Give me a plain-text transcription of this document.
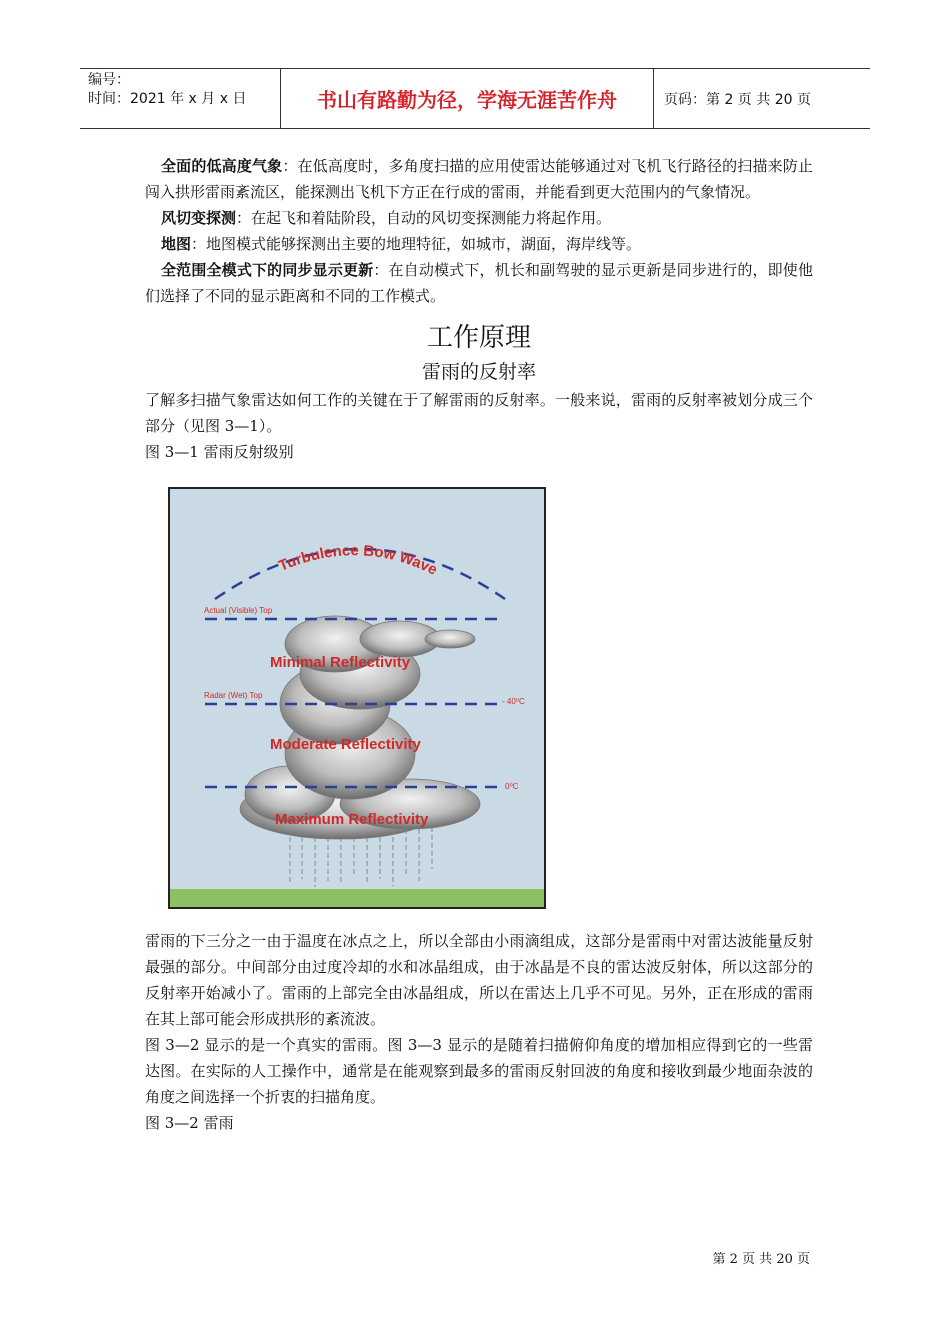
编号：
时间：2021 年 x 月 x 日	书山有路勤为径，学海无涯苦作舟	页码：第 2 页 共 20 页

全面的低高度气象：在低高度时，多角度扫描的应用使雷达能够通过对飞机飞行路径的扫描来防止闯入拱形雷雨紊流区，能探测出飞机下方正在行成的雷雨，并能看到更大范围内的气象情况。

风切变探测：在起飞和着陆阶段，自动的风切变探测能力将起作用。

地图：地图模式能够探测出主要的地理特征，如城市，湖面，海岸线等。

全范围全模式下的同步显示更新：在自动模式下，机长和副驾驶的显示更新是同步进行的，即使他们选择了不同的显示距离和不同的工作模式。

工作原理
雷雨的反射率

了解多扫描气象雷达如何工作的关键在于了解雷雨的反射率。一般来说，雷雨的反射率被划分成三个部分（见图 3—1）。

图 3—1 雷雨反射级别

Turbulence Bow Wave
Actual (Visible) Top
Minimal Reflectivity
Radar (Wet) Top
- 40⁰C
Moderate Reflectivity
0⁰C
Maximum Reflectivity

雷雨的下三分之一由于温度在冰点之上，所以全部由小雨滴组成，这部分是雷雨中对雷达波能量反射最强的部分。中间部分由过度冷却的水和冰晶组成，由于冰晶是不良的雷达波反射体，所以这部分的反射率开始减小了。雷雨的上部完全由冰晶组成，所以在雷达上几乎不可见。另外，正在形成的雷雨在其上部可能会形成拱形的紊流波。

图 3—2 显示的是一个真实的雷雨。图 3—3 显示的是随着扫描俯仰角度的增加相应得到它的一些雷达图。在实际的人工操作中，通常是在能观察到最多的雷雨反射回波的角度和接收到最少地面杂波的角度之间选择一个折衷的扫描角度。

图 3—2 雷雨

第 2 页 共 20 页
